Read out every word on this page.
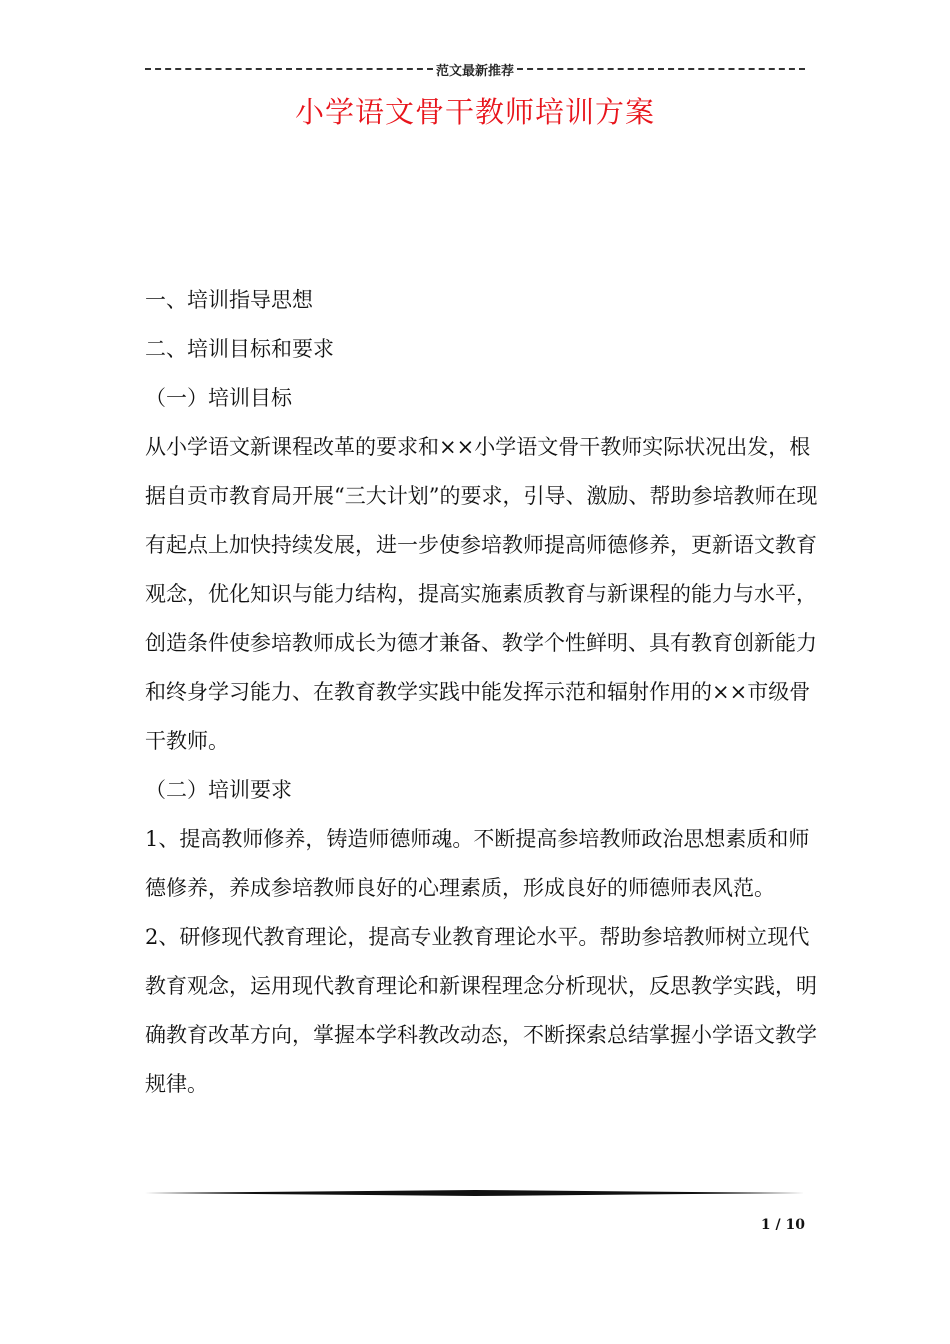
范文最新推荐
小学语文骨干教师培训方案

一、培训指导思想

二、培训目标和要求

（一）培训目标

从小学语文新课程改革的要求和××小学语文骨干教师实际状况出发，根据自贡市教育局开展“三大计划”的要求，引导、激励、帮助参培教师在现有起点上加快持续发展，进一步使参培教师提高师德修养，更新语文教育观念，优化知识与能力结构，提高实施素质教育与新课程的能力与水平，创造条件使参培教师成长为德才兼备、教学个性鲜明、具有教育创新能力和终身学习能力、在教育教学实践中能发挥示范和辐射作用的××市级骨干教师。

（二）培训要求

1、提高教师修养，铸造师德师魂。不断提高参培教师政治思想素质和师德修养，养成参培教师良好的心理素质，形成良好的师德师表风范。

2、研修现代教育理论，提高专业教育理论水平。帮助参培教师树立现代教育观念，运用现代教育理论和新课程理念分析现状，反思教学实践，明确教育改革方向，掌握本学科教改动态，不断探索总结掌握小学语文教学规律。

1 / 10
